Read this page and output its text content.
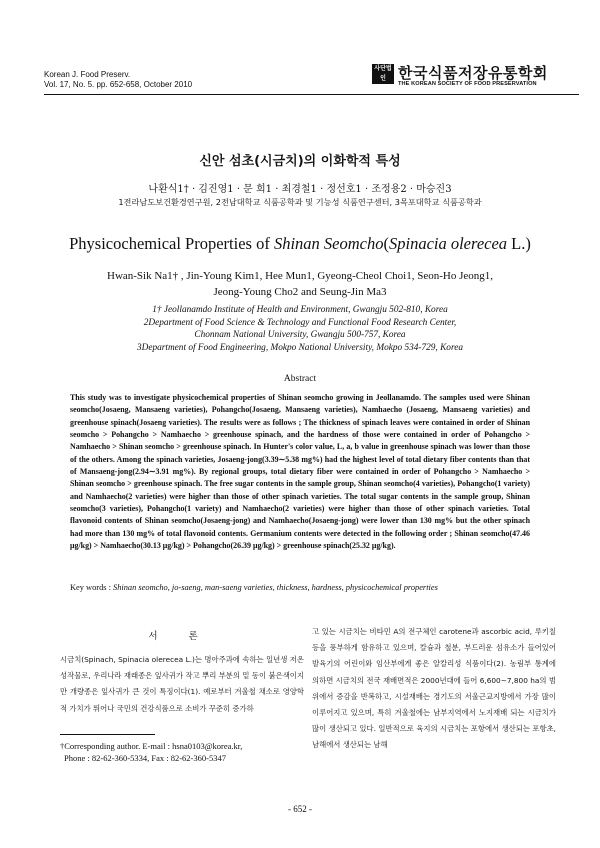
Korean J. Food Preserv.
Vol. 17, No. 5. pp. 652-658, October 2010
사단법인 한국식품저장유통학회
THE KOREAN SOCIETY OF FOOD PRESERVATION
신안 섬초(시금치)의 이화학적 특성
나환식1† · 김진영1 · 문 희1 · 최경철1 · 정선호1 · 조정용2 · 마승진3
1전라남도보건환경연구원, 2전남대학교 식품공학과 및 기능성 식품연구센터, 3목포대학교 식품공학과
Physicochemical Properties of Shinan Seomcho(Spinacia olerecea L.)
Hwan-Sik Na1† , Jin-Young Kim1, Hee Mun1, Gyeong-Cheol Choi1, Seon-Ho Jeong1,
Jeong-Young Cho2 and Seung-Jin Ma3
1† Jeollanamdo Institute of Health and Environment, Gwangju 502-810, Korea
2Department of Food Science & Technology and Functional Food Research Center,
Chonnam National University, Gwangju 500-757, Korea
3Department of Food Engineering, Mokpo National University, Mokpo 534-729, Korea
Abstract
This study was to investigate physicochemical properties of Shinan seomcho growing in Jeollanamdo. The samples used were Shinan seomcho(Josaeng, Mansaeng varieties), Pohangcho(Josaeng, Mansaeng varieties), Namhaecho (Josaeng, Mansaeng varieties) and greenhouse spinach(Josaeng varieties). The results were as follows ; The thickness of spinach leaves were contained in order of Shinan seomcho > Pohangcho > Namhaecho > greenhouse spinach, and the hardness of those were contained in order of Pohangcho > Namhaecho > Shinan seomcho > greenhouse spinach. In Hunter's color value, L, a, b value in greenhouse spinach was lower than those of the others. Among the spinach varieties, Josaeng-jong(3.39∼5.38 mg%) had the highest level of total dietary fiber contents than that of Mansaeng-jong(2.94∼3.91 mg%). By regional groups, total dietary fiber were contained in order of Pohangcho > Namhaecho > Shinan seomcho > greenhouse spinach. The free sugar contents in the sample group, Shinan seomcho(4 varieties), Pohangcho(1 variety) and Namhaecho(2 varieties) were higher than those of other spinach varieties. The total sugar contents in the sample group, Shinan seomcho(3 varieties), Pohangcho(1 variety) and Namhaecho(2 varieties) were higher than those of other spinach varieties. Total flavonoid contents of Shinan seomcho(Josaeng-jong) and Namhaecho(Josaeng-jong) were lower than 130 mg% but the other spinach had more than 130 mg% of total flavonoid contents. Germanium contents were detected in the following order ; Shinan seomcho(47.46 μg/kg) > Namhaecho(30.13 μg/kg) > Pohangcho(26.39 μg/kg) > greenhouse spinach(25.32 μg/kg).
Key words : Shinan seomcho, jo-saeng, man-saeng varieties, thickness, hardness, physicochemical properties
서 론
시금치(Spinach, Spinacia olerecea L.)는 명아주과에 속하는 일년생 저온성작물로, 우리나라 재래종은 잎사귀가 작고 뿌리 부분의 밑 동이 붉은색이지만 개량종은 잎사귀가 큰 것이 특징이다(1). 예로부터 겨울철 채소로 영양학적 가치가 뛰어나 국민의 건강식품으로 소비가 꾸준히 증가하
고 있는 시금치는 비타민 A의 전구체인 carotene과 ascorbic acid, 루키칠 등을 풍부하게 함유하고 있으며, 칼슘과 철분, 부드러운 섬유소가 들어있어 발육기의 어린이와 임산부에게 좋은 알칼리성 식품이다(2). 농림부 통계에 의하면 시금치의 전국 재배면적은 2000년대에 들어 6,600∼7,800 ha의 범위에서 증감을 반복하고, 시설재배는 경기도의 서울근교지방에서 가장 많이 이루어지고 있으며, 특히 겨울철에는 남부지역에서 노지재배 되는 시금치가 많이 생산되고 있다. 일반적으로 육지의 시금치는 포항에서 생산되는 포항초, 남해에서 생산되는 남해
†Corresponding author. E-mail : hsna0103@korea.kr,
Phone : 82-62-360-5334, Fax : 82-62-360-5347
- 652 -
